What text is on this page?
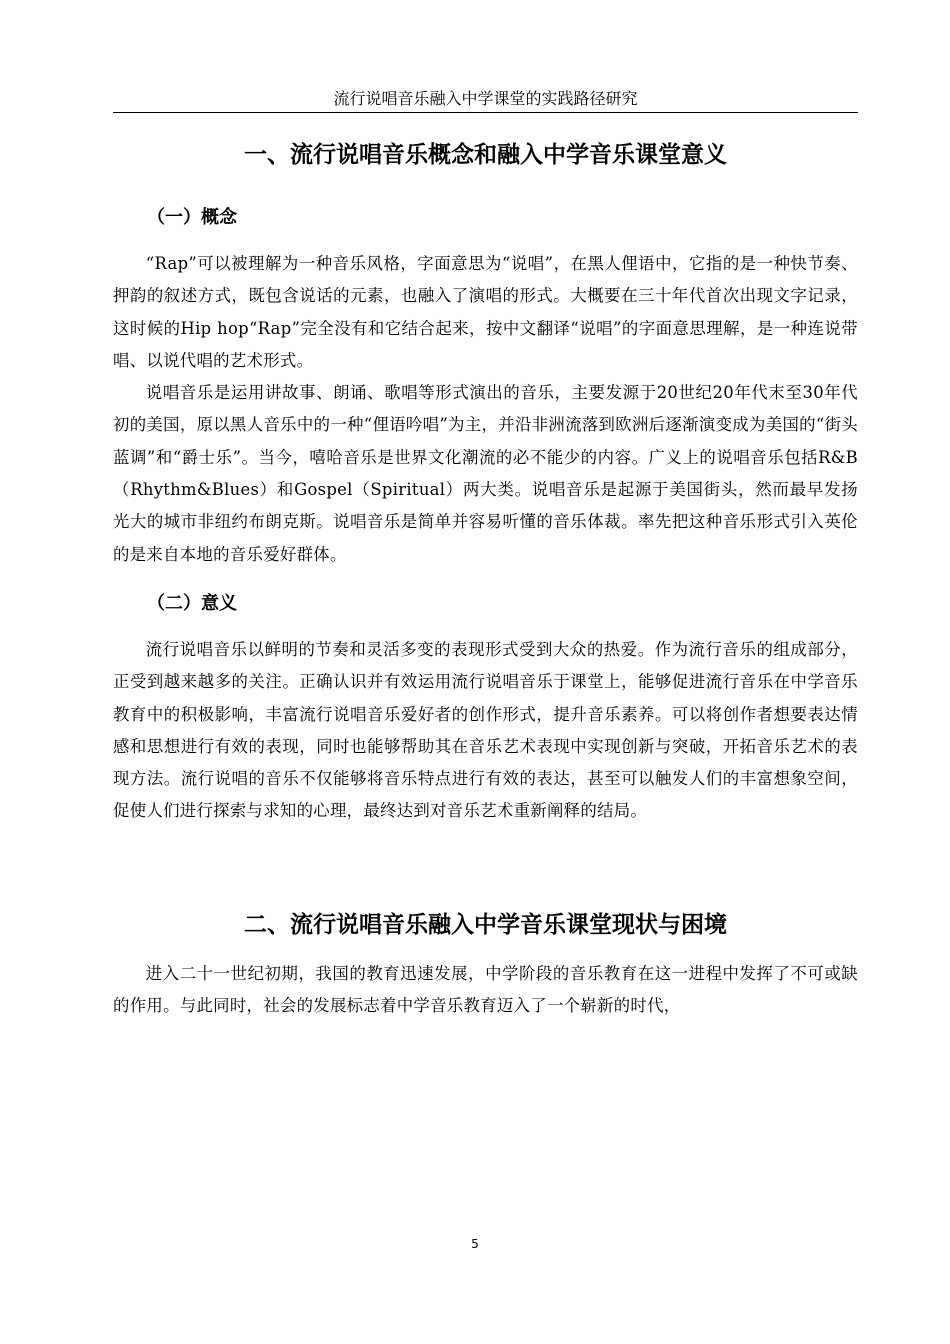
流行说唱音乐融入中学课堂的实践路径研究
一、流行说唱音乐概念和融入中学音乐课堂意义
（一）概念

“Rap”可以被理解为一种音乐风格，字面意思为“说唱”，在黑人俚语中，它指的是一种快节奏、押韵的叙述方式，既包含说话的元素，也融入了演唱的形式。大概要在三十年代首次出现文字记录，这时候的Hip hop“Rap”完全没有和它结合起来，按中文翻译“说唱”的字面意思理解，是一种连说带唱、以说代唱的艺术形式。

说唱音乐是运用讲故事、朗诵、歌唱等形式演出的音乐，主要发源于20世纪20年代末至30年代初的美国，原以黑人音乐中的一种“俚语吟唱”为主，并沿非洲流落到欧洲后逐渐演变成为美国的“街头蓝调”和“爵士乐”。当今，嘻哈音乐是世界文化潮流的必不能少的内容。广义上的说唱音乐包括R&B（Rhythm&Blues）和Gospel（Spiritual）两大类。说唱音乐是起源于美国街头，然而最早发扬光大的城市非纽约布朗克斯。说唱音乐是简单并容易听懂的音乐体裁。率先把这种音乐形式引入英伦的是来自本地的音乐爱好群体。

（二）意义

流行说唱音乐以鲜明的节奏和灵活多变的表现形式受到大众的热爱。作为流行音乐的组成部分，正受到越来越多的关注。正确认识并有效运用流行说唱音乐于课堂上，能够促进流行音乐在中学音乐教育中的积极影响，丰富流行说唱音乐爱好者的创作形式，提升音乐素养。可以将创作者想要表达情感和思想进行有效的表现，同时也能够帮助其在音乐艺术表现中实现创新与突破，开拓音乐艺术的表现方法。流行说唱的音乐不仅能够将音乐特点进行有效的表达，甚至可以触发人们的丰富想象空间，促使人们进行探索与求知的心理，最终达到对音乐艺术重新阐释的结局。

二、流行说唱音乐融入中学音乐课堂现状与困境

进入二十一世纪初期，我国的教育迅速发展，中学阶段的音乐教育在这一进程中发挥了不可或缺的作用。与此同时，社会的发展标志着中学音乐教育迈入了一个崭新的时代，

5
